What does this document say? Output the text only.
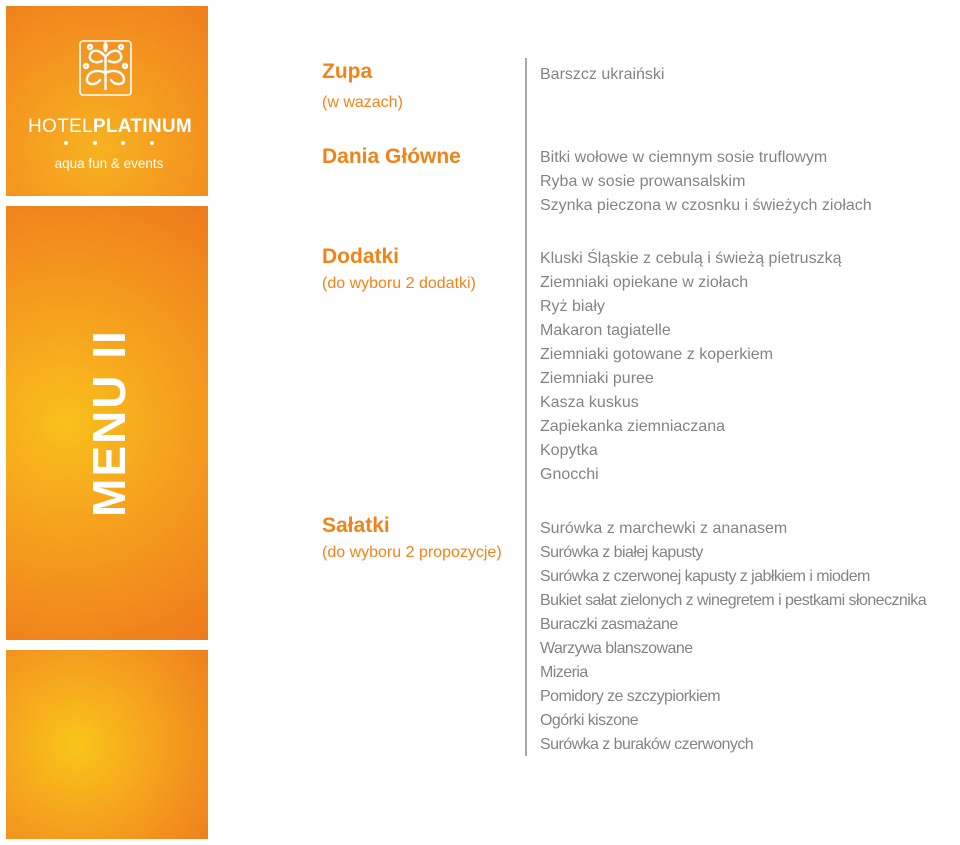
HOTELPLATINUM
aqua fun & events
MENU II
Zupa
(w wazach)
Dania Główne
Dodatki
(do wyboru 2 dodatki)
Sałatki
(do wyboru 2 propozycje)
Barszcz ukraiński
Bitki wołowe w ciemnym sosie truflowym
Ryba w sosie prowansalskim
Szynka pieczona w czosnku i świeżych ziołach
Kluski Śląskie z cebulą i świeżą pietruszką
Ziemniaki opiekane w ziołach
Ryż biały
Makaron tagiatelle
Ziemniaki gotowane z koperkiem
Ziemniaki puree
Kasza kuskus
Zapiekanka ziemniaczana
Kopytka
Gnocchi
Surówka z marchewki z ananasem
Surówka z białej kapusty
Surówka z czerwonej kapusty z jabłkiem i miodem
Bukiet sałat zielonych z winegretem i pestkami słonecznika
Buraczki zasmażane
Warzywa blanszowane
Mizeria
Pomidory ze szczypiorkiem
Ogórki kiszone
Surówka z buraków czerwonych
